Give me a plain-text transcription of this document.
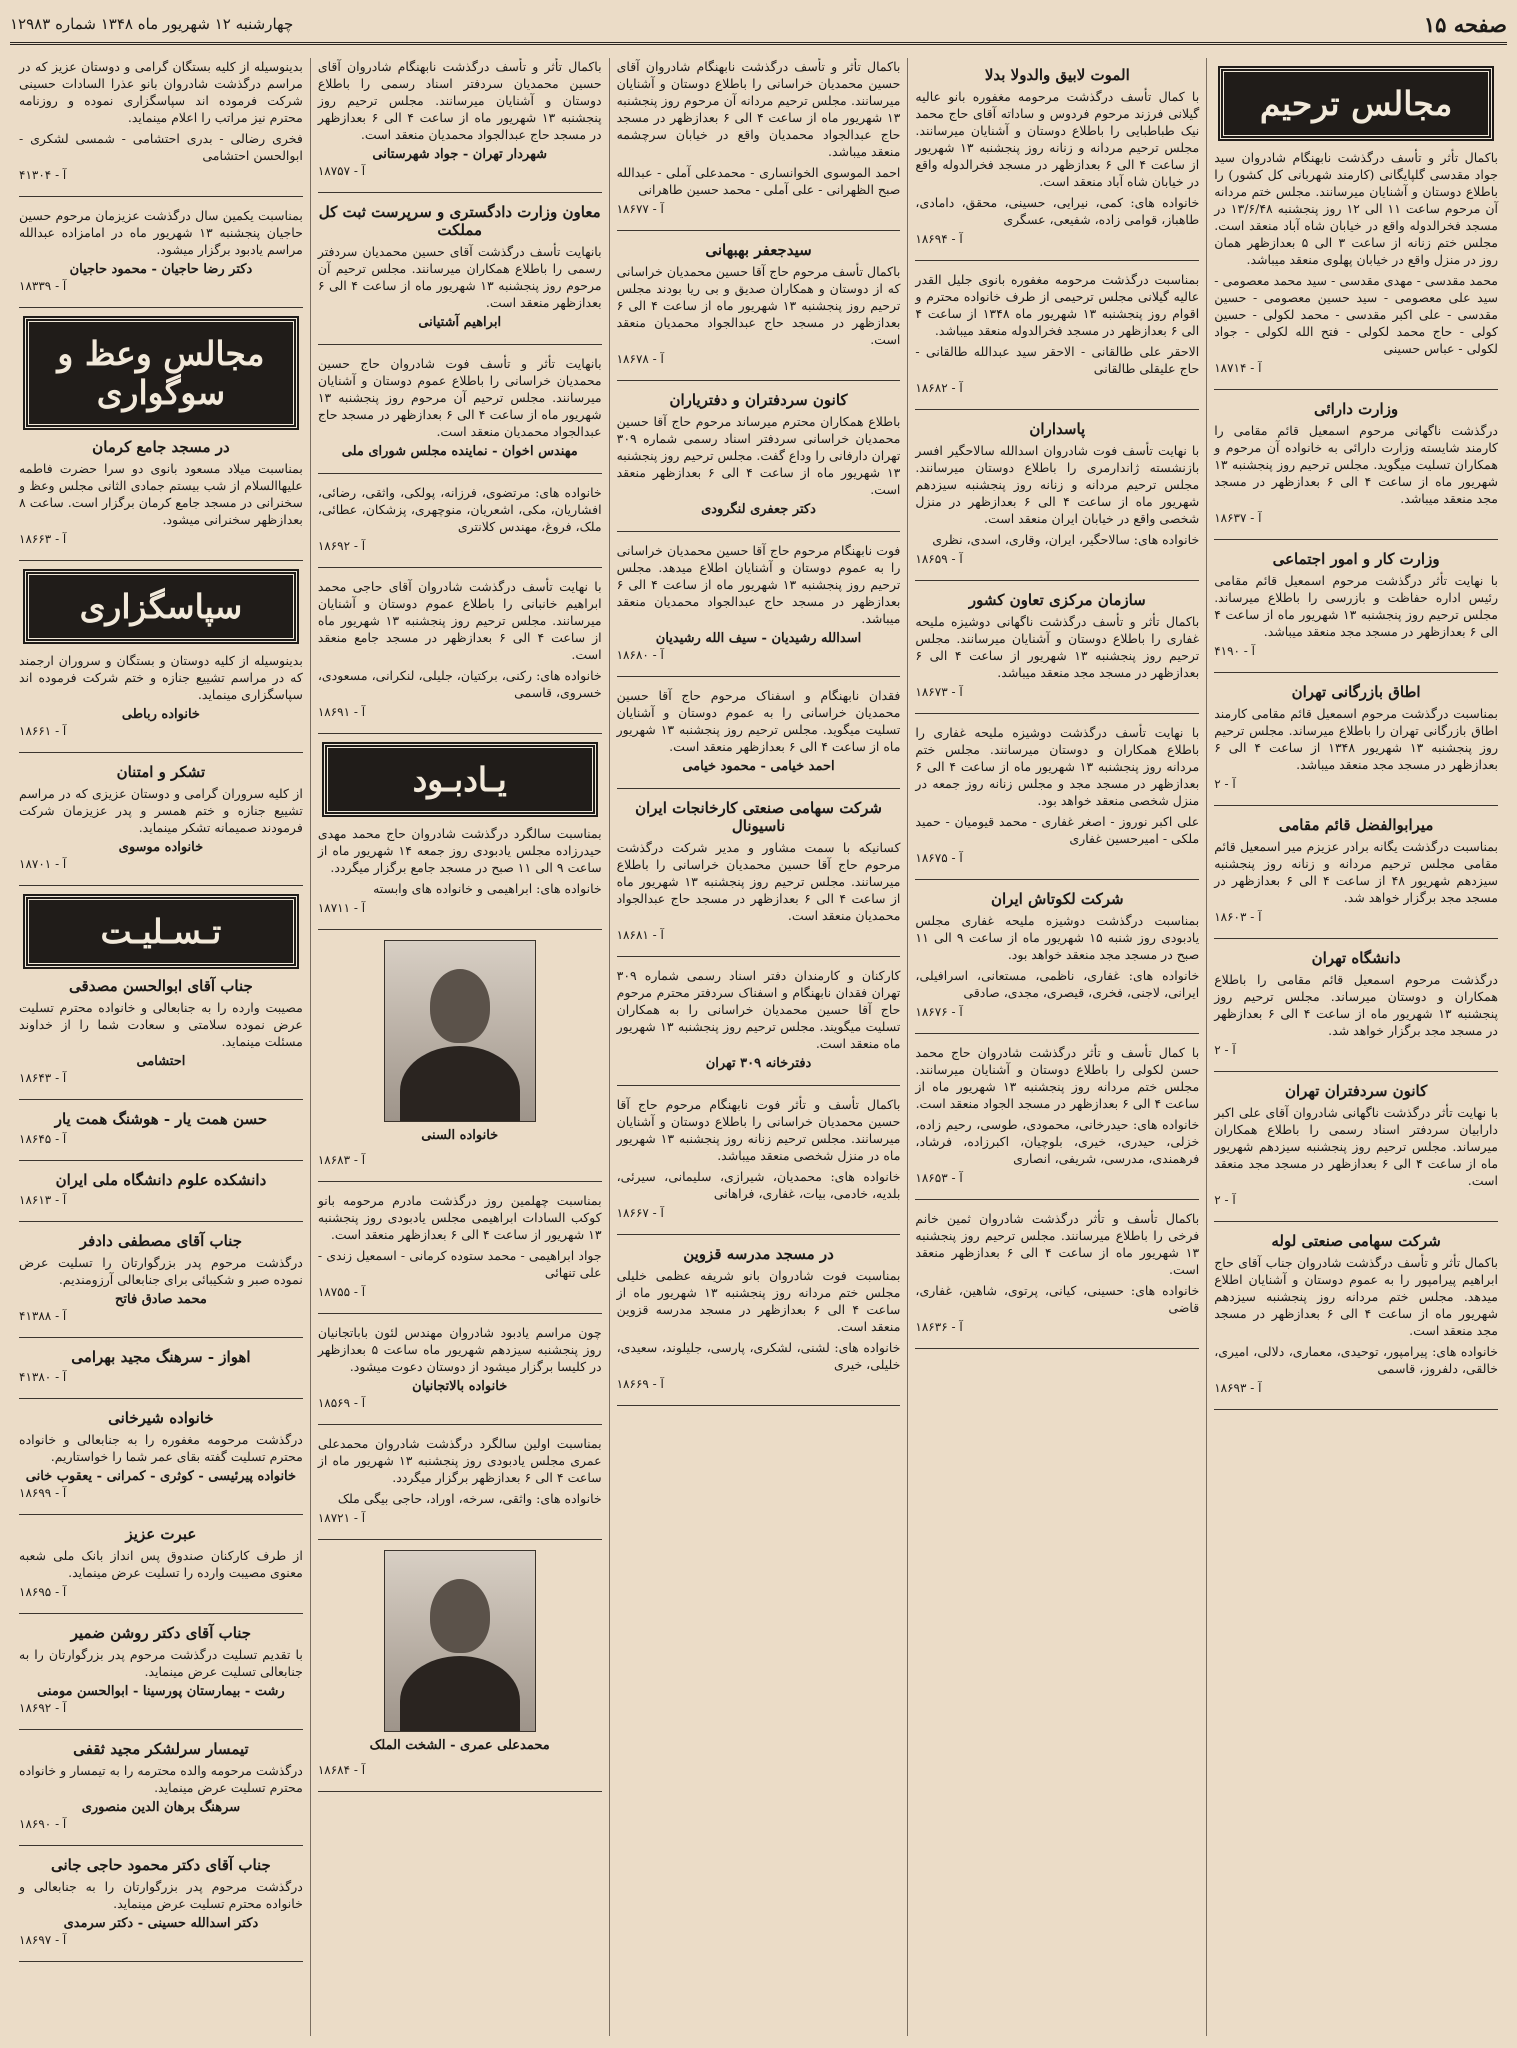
صفحه ۱۵
چهارشنبه ۱۲ شهریور ماه ۱۳۴۸ شماره ۱۲۹۸۳
مجالس ترحیم

باکمال تأثر و تأسف درگذشت نابهنگام شادروان سید جواد مقدسی گلپایگانی (کارمند شهربانی کل کشور) را باطلاع دوستان و آشنایان میرسانند. مجلس ختم مردانه آن مرحوم ساعت ۱۱ الی ۱۲ روز پنجشنبه ۱۳/۶/۴۸ در مسجد فخرالدوله واقع در خیابان شاه آباد منعقد است. مجلس ختم زنانه از ساعت ۳ الی ۵ بعدازظهر همان روز در منزل واقع در خیابان پهلوی منعقد میباشد.

محمد مقدسی - مهدی مقدسی - سید محمد معصومی - سید علی معصومی - سید حسین معصومی - حسین مقدسی - علی اکبر مقدسی - محمد لکولی - حسین کولی - حاج محمد لکولی - فتح الله لکولی - جواد لکولی - عباس حسینی

آ - ۱۸۷۱۴
وزارت دارائی

درگذشت ناگهانی مرحوم اسمعیل قائم مقامی را کارمند شایسته وزارت دارائی به خانواده آن مرحوم و همکاران تسلیت میگوید. مجلس ترحیم روز پنجشنبه ۱۳ شهریور ماه از ساعت ۴ الی ۶ بعدازظهر در مسجد مجد منعقد میباشد.

آ - ۱۸۶۳۷
وزارت کار و امور اجتماعی

با نهایت تأثر درگذشت مرحوم اسمعیل قائم مقامی رئیس اداره حفاظت و بازرسی را باطلاع میرساند. مجلس ترحیم روز پنجشنبه ۱۳ شهریور ماه از ساعت ۴ الی ۶ بعدازظهر در مسجد مجد منعقد میباشد.

آ - ۴۱۹۰
اطاق بازرگانی تهران

بمناسبت درگذشت مرحوم اسمعیل قائم مقامی کارمند اطاق بازرگانی تهران را باطلاع میرساند. مجلس ترحیم روز پنجشنبه ۱۳ شهریور ۱۳۴۸ از ساعت ۴ الی ۶ بعدازظهر در مسجد مجد منعقد میباشد.

آ - ۲
میرابوالفضل قائم مقامی

بمناسبت درگذشت یگانه برادر عزیزم میر اسمعیل قائم مقامی مجلس ترحیم مردانه و زنانه روز پنجشنبه سیزدهم شهریور ۴۸ از ساعت ۴ الی ۶ بعدازظهر در مسجد مجد برگزار خواهد شد.

آ - ۱۸۶۰۳
دانشگاه تهران

درگذشت مرحوم اسمعیل قائم مقامی را باطلاع همکاران و دوستان میرساند. مجلس ترحیم روز پنجشنبه ۱۳ شهریور ماه از ساعت ۴ الی ۶ بعدازظهر در مسجد مجد برگزار خواهد شد.

آ - ۲
کانون سردفتران تهران

با نهایت تأثر درگذشت ناگهانی شادروان آقای علی اکبر دارابیان سردفتر اسناد رسمی را باطلاع همکاران میرساند. مجلس ترحیم روز پنجشنبه سیزدهم شهریور ماه از ساعت ۴ الی ۶ بعدازظهر در مسجد مجد منعقد است.

آ - ۲
شرکت سهامی صنعتی لوله

باکمال تأثر و تأسف درگذشت شادروان جناب آقای حاج ابراهیم پیرامپور را به عموم دوستان و آشنایان اطلاع میدهد. مجلس ختم مردانه روز پنجشنبه سیزدهم شهریور ماه از ساعت ۴ الی ۶ بعدازظهر در مسجد مجد منعقد است.

خانواده های: پیرامپور، توحیدی، معماری، دلالی، امیری، خالقی، دلفروز، قاسمی

آ - ۱۸۶۹۳
الموت لابیق والدولا بدلا

با کمال تأسف درگذشت مرحومه مغفوره بانو عالیه گیلانی فرزند مرحوم فردوس و ساداته آقای حاج محمد نیک طباطبایی را باطلاع دوستان و آشنایان میرسانند. مجلس ترحیم مردانه و زنانه روز پنجشنبه ۱۳ شهریور از ساعت ۴ الی ۶ بعدازظهر در مسجد فخرالدوله واقع در خیابان شاه آباد منعقد است.

خانواده های: کمی، نیرایی، حسینی، محقق، دامادی، طاهباز، قوامی زاده، شفیعی، عسگری

آ - ۱۸۶۹۴

بمناسبت درگذشت مرحومه مغفوره بانوی جلیل القدر عالیه گیلانی مجلس ترحیمی از طرف خانواده محترم و اقوام روز پنجشنبه ۱۳ شهریور ماه ۱۳۴۸ از ساعت ۴ الی ۶ بعدازظهر در مسجد فخرالدوله منعقد میباشد.

الاحقر علی طالقانی - الاحقر سید عبدالله طالقانی - حاج علیقلی طالقانی

آ - ۱۸۶۸۲
پاسداران

با نهایت تأسف فوت شادروان اسدالله سالاحگیر افسر بازنشسته ژاندارمری را باطلاع دوستان میرسانند. مجلس ترحیم مردانه و زنانه روز پنجشنبه سیزدهم شهریور ماه از ساعت ۴ الی ۶ بعدازظهر در منزل شخصی واقع در خیابان ایران منعقد است.

خانواده های: سالاحگیر، ایران، وقاری، اسدی، نظری

آ - ۱۸۶۵۹
سازمان مرکزی تعاون کشور

باکمال تأثر و تأسف درگذشت ناگهانی دوشیزه ملیحه غفاری را باطلاع دوستان و آشنایان میرسانند. مجلس ترحیم روز پنجشنبه ۱۳ شهریور از ساعت ۴ الی ۶ بعدازظهر در مسجد مجد منعقد میباشد.

آ - ۱۸۶۷۳

با نهایت تأسف درگذشت دوشیزه ملیحه غفاری را باطلاع همکاران و دوستان میرسانند. مجلس ختم مردانه روز پنجشنبه ۱۳ شهریور ماه از ساعت ۴ الی ۶ بعدازظهر در مسجد مجد و مجلس زنانه روز جمعه در منزل شخصی منعقد خواهد بود.

علی اکبر نوروز - اصغر غفاری - محمد قیومیان - حمید ملکی - امیرحسین غفاری

آ - ۱۸۶۷۵
شرکت لکوتاش ایران

بمناسبت درگذشت دوشیزه ملیحه غفاری مجلس یادبودی روز شنبه ۱۵ شهریور ماه از ساعت ۹ الی ۱۱ صبح در مسجد مجد منعقد خواهد بود.

خانواده های: غفاری، ناظمی، مستعانی، اسرافیلی، ایرانی، لاجنی، فخری، قیصری، مجدی، صادقی

آ - ۱۸۶۷۶

با کمال تأسف و تأثر درگذشت شادروان حاج محمد حسن لکولی را باطلاع دوستان و آشنایان میرسانند. مجلس ختم مردانه روز پنجشنبه ۱۳ شهریور ماه از ساعت ۴ الی ۶ بعدازظهر در مسجد الجواد منعقد است.

خانواده های: حیدرخانی، محمودی، طوسی، رحیم زاده، خزلی، حیدری، خیری، بلوچیان، اکبرزاده، فرشاد، فرهمندی، مدرسی، شریفی، انصاری

آ - ۱۸۶۵۳

باکمال تأسف و تأثر درگذشت شادروان ثمین خانم فرخی را باطلاع میرسانند. مجلس ترحیم روز پنجشنبه ۱۳ شهریور ماه از ساعت ۴ الی ۶ بعدازظهر منعقد است.

خانواده های: حسینی، کیانی، پرتوی، شاهین، غفاری، قاضی

آ - ۱۸۶۳۶

باکمال تأثر و تأسف درگذشت نابهنگام شادروان آقای حسین محمدیان خراسانی را باطلاع دوستان و آشنایان میرسانند. مجلس ترحیم مردانه آن مرحوم روز پنجشنبه ۱۳ شهریور ماه از ساعت ۴ الی ۶ بعدازظهر در مسجد حاج عبدالجواد محمدیان واقع در خیابان سرچشمه منعقد میباشد.

احمد الموسوی الخوانساری - محمدعلی آملی - عبدالله صبح الظهرانی - علی آملی - محمد حسین طاهرانی

آ - ۱۸۶۷۷
سیدجعفر بهبهانی

باکمال تأسف مرحوم حاج آقا حسین محمدیان خراسانی که از دوستان و همکاران صدیق و بی ریا بودند مجلس ترحیم روز پنجشنبه ۱۳ شهریور ماه از ساعت ۴ الی ۶ بعدازظهر در مسجد حاج عبدالجواد محمدیان منعقد است.

آ - ۱۸۶۷۸
کانون سردفتران و دفترياران

باطلاع همکاران محترم میرساند مرحوم حاج آقا حسین محمدیان خراسانی سردفتر اسناد رسمی شماره ۳۰۹ تهران دارفانی را وداع گفت. مجلس ترحیم روز پنجشنبه ۱۳ شهریور ماه از ساعت ۴ الی ۶ بعدازظهر منعقد است.

دکتر جعفری لنگرودی

فوت نابهنگام مرحوم حاج آقا حسین محمدیان خراسانی را به عموم دوستان و آشنایان اطلاع میدهد. مجلس ترحیم روز پنجشنبه ۱۳ شهریور ماه از ساعت ۴ الی ۶ بعدازظهر در مسجد حاج عبدالجواد محمدیان منعقد میباشد.

اسدالله رشیدیان - سیف الله رشیدیان
آ - ۱۸۶۸۰

فقدان نابهنگام و اسفناک مرحوم حاج آقا حسین محمدیان خراسانی را به عموم دوستان و آشنایان تسلیت میگوید. مجلس ترحیم روز پنجشنبه ۱۳ شهریور ماه از ساعت ۴ الی ۶ بعدازظهر منعقد است.

احمد خیامی - محمود خیامی
شرکت سهامی صنعتی کارخانجات ایران ناسیونال

کسانیکه با سمت مشاور و مدیر شرکت درگذشت مرحوم حاج آقا حسین محمدیان خراسانی را باطلاع میرسانند. مجلس ترحیم روز پنجشنبه ۱۳ شهریور ماه از ساعت ۴ الی ۶ بعدازظهر در مسجد حاج عبدالجواد محمدیان منعقد است.

آ - ۱۸۶۸۱

کارکنان و کارمندان دفتر اسناد رسمی شماره ۳۰۹ تهران فقدان نابهنگام و اسفناک سردفتر محترم مرحوم حاج آقا حسین محمدیان خراسانی را به همکاران تسلیت میگویند. مجلس ترحیم روز پنجشنبه ۱۳ شهریور ماه منعقد است.

دفترخانه ۳۰۹ تهران

باکمال تأسف و تأثر فوت نابهنگام مرحوم حاج آقا حسین محمدیان خراسانی را باطلاع دوستان و آشنایان میرسانند. مجلس ترحیم زنانه روز پنجشنبه ۱۳ شهریور ماه در منزل شخصی منعقد میباشد.

خانواده های: محمدیان، شیرازی، سلیمانی، سیرئی، بلدیه، خادمی، بیات، غفاری، فراهانی

آ - ۱۸۶۶۷
در مسجد مدرسه قزوین

بمناسبت فوت شادروان بانو شریفه عظمی خلیلی مجلس ختم مردانه روز پنجشنبه ۱۳ شهریور ماه از ساعت ۴ الی ۶ بعدازظهر در مسجد مدرسه قزوین منعقد است.

خانواده های: لشنی، لشکری، پارسی، جلیلوند، سعیدی، خلیلی، خیری

آ - ۱۸۶۶۹

باکمال تأثر و تأسف درگذشت نابهنگام شادروان آقای حسین محمدیان سردفتر اسناد رسمی را باطلاع دوستان و آشنایان میرسانند. مجلس ترحیم روز پنجشنبه ۱۳ شهریور ماه از ساعت ۴ الی ۶ بعدازظهر در مسجد حاج عبدالجواد محمدیان منعقد است.

شهردار تهران - جواد شهرستانی
آ - ۱۸۷۵۷
معاون وزارت دادگستری و سرپرست ثبت کل مملکت

بانهایت تأسف درگذشت آقای حسین محمدیان سردفتر رسمی را باطلاع همکاران میرسانند. مجلس ترحیم آن مرحوم روز پنجشنبه ۱۳ شهریور ماه از ساعت ۴ الی ۶ بعدازظهر منعقد است.

ابراهیم آشتیانی

بانهایت تأثر و تأسف فوت شادروان حاج حسین محمدیان خراسانی را باطلاع عموم دوستان و آشنایان میرسانند. مجلس ترحیم آن مرحوم روز پنجشنبه ۱۳ شهریور ماه از ساعت ۴ الی ۶ بعدازظهر در مسجد حاج عبدالجواد محمدیان منعقد است.

مهندس اخوان - نماینده مجلس شورای ملی

خانواده های: مرتضوی، فرزانه، پولکی، واثقی، رضائی، افشاریان، مکی، اشعریان، منوچهری، پزشکان، عطائی، ملک، فروغ، مهندس کلانتری

آ - ۱۸۶۹۲

با نهایت تأسف درگذشت شادروان آقای حاجی محمد ابراهیم خانبانی را باطلاع عموم دوستان و آشنایان میرسانند. مجلس ترحیم روز پنجشنبه ۱۳ شهریور ماه از ساعت ۴ الی ۶ بعدازظهر در مسجد جامع منعقد است.

خانواده های: رکنی، برکتیان، جلیلی، لنکرانی، مسعودی، خسروی، قاسمی

آ - ۱۸۶۹۱
یـادبـود

بمناسبت سالگرد درگذشت شادروان حاج محمد مهدی حیدرزاده مجلس یادبودی روز جمعه ۱۴ شهریور ماه از ساعت ۹ الی ۱۱ صبح در مسجد جامع برگزار میگردد.

خانواده های: ابراهیمی و خانواده های وابسته

آ - ۱۸۷۱۱
خانواده السنی
آ - ۱۸۶۸۳

بمناسبت چهلمین روز درگذشت مادرم مرحومه بانو کوکب السادات ابراهیمی مجلس یادبودی روز پنجشنبه ۱۳ شهریور از ساعت ۴ الی ۶ بعدازظهر منعقد است.

جواد ابراهیمی - محمد ستوده کرمانی - اسمعیل زندی - علی تنهائی

آ - ۱۸۷۵۵

چون مراسم یادبود شادروان مهندس لئون باباتجانیان روز پنجشنبه سیزدهم شهریور ماه ساعت ۵ بعدازظهر در کلیسا برگزار میشود از دوستان دعوت میشود.

خانواده بالاتجانیان
آ - ۱۸۵۶۹

بمناسبت اولین سالگرد درگذشت شادروان محمدعلی عمری مجلس یادبودی روز پنجشنبه ۱۳ شهریور ماه از ساعت ۴ الی ۶ بعدازظهر برگزار میگردد.

خانواده های: واثقی، سرخه، اوراد، حاجی بیگی ملک

آ - ۱۸۷۲۱
محمدعلی عمری - الشخت الملک
آ - ۱۸۶۸۴

بدینوسیله از کلیه بستگان گرامی و دوستان عزیز که در مراسم درگذشت شادروان بانو عذرا السادات حسینی شرکت فرموده اند سپاسگزاری نموده و روزنامه محترم نیز مراتب را اعلام مینماید.

فخری رضالی - بدری احتشامی - شمسی لشکری - ابوالحسن احتشامی

آ - ۴۱۳۰۴

بمناسبت یکمین سال درگذشت عزیزمان مرحوم حسین حاجیان پنجشنبه ۱۳ شهریور ماه در امامزاده عبدالله مراسم یادبود برگزار میشود.

دکتر رضا حاجیان - محمود حاجیان
آ - ۱۸۳۳۹
مجالس وعظ و سوگواری
در مسجد جامع کرمان

بمناسبت میلاد مسعود بانوی دو سرا حضرت فاطمه علیهاالسلام از شب بیستم جمادی الثانی مجلس وعظ و سخنرانی در مسجد جامع کرمان برگزار است. ساعت ۸ بعدازظهر سخنرانی میشود.

آ - ۱۸۶۶۳
سپاسگزاری

بدینوسیله از کلیه دوستان و بستگان و سروران ارجمند که در مراسم تشییع جنازه و ختم شرکت فرموده اند سپاسگزاری مینماید.

خانواده رباطی
آ - ۱۸۶۶۱
تشکر و امتنان

از کلیه سروران گرامی و دوستان عزیزی که در مراسم تشییع جنازه و ختم همسر و پدر عزیزمان شرکت فرمودند صمیمانه تشکر مینماید.

خانواده موسوی
آ - ۱۸۷۰۱
تـسـلیـت
جناب آقای ابوالحسن مصدقی

مصیبت وارده را به جنابعالی و خانواده محترم تسلیت عرض نموده سلامتی و سعادت شما را از خداوند مسئلت مینماید.

احتشامی
آ - ۱۸۶۴۳
حسن همت یار - هوشنگ همت یار
آ - ۱۸۶۴۵
دانشکده علوم دانشگاه ملی ایران
آ - ۱۸۶۱۳
جناب آقای مصطفی دادفر

درگذشت مرحوم پدر بزرگوارتان را تسلیت عرض نموده صبر و شکیبائی برای جنابعالی آرزومندیم.

محمد صادق فاتح
آ - ۴۱۳۸۸
اهواز - سرهنگ مجید بهرامی
آ - ۴۱۳۸۰
خانواده شیرخانی

درگذشت مرحومه مغفوره را به جنابعالی و خانواده محترم تسلیت گفته بقای عمر شما را خواستاریم.

خانواده پیرئیسی - کوثری - کمرانی - یعقوب خانی
آ - ۱۸۶۹۹
عبرت عزیز

از طرف کارکنان صندوق پس انداز بانک ملی شعبه معنوی مصیبت وارده را تسلیت عرض مینماید.

آ - ۱۸۶۹۵
جناب آقای دکتر روشن ضمیر

با تقدیم تسلیت درگذشت مرحوم پدر بزرگوارتان را به جنابعالی تسلیت عرض مینماید.

رشت - بیمارستان پورسینا - ابوالحسن مومنی
آ - ۱۸۶۹۲
تیمسار سرلشکر مجید ثقفی

درگذشت مرحومه والده محترمه را به تیمسار و خانواده محترم تسلیت عرض مینماید.

سرهنگ برهان الدین منصوری
آ - ۱۸۶۹۰
جناب آقای دکتر محمود حاجی جانی

درگذشت مرحوم پدر بزرگوارتان را به جنابعالی و خانواده محترم تسلیت عرض مینماید.

دکتر اسدالله حسینی - دکتر سرمدی
آ - ۱۸۶۹۷
